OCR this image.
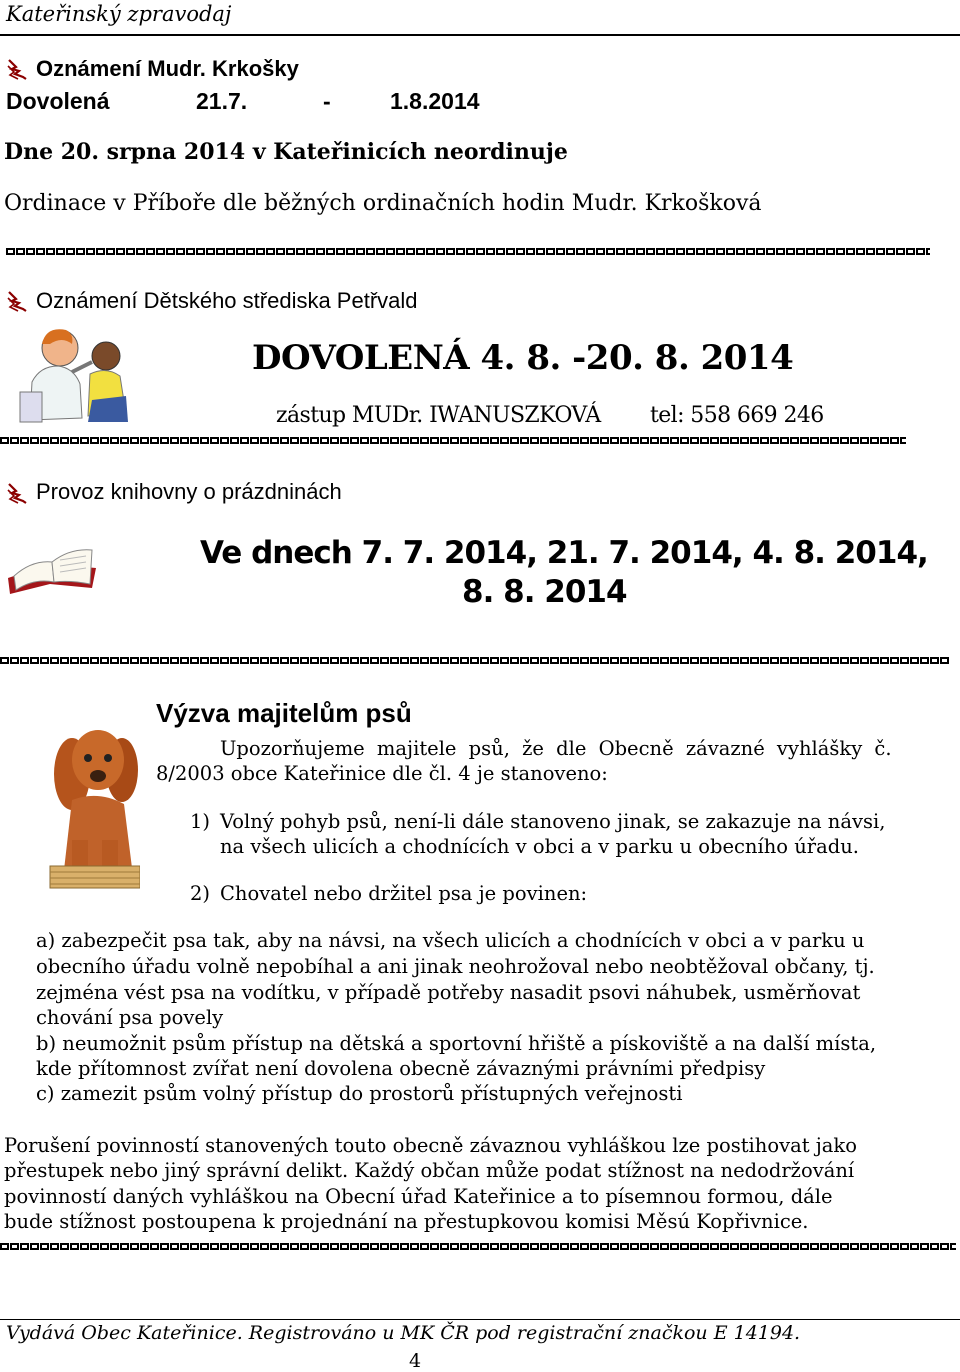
Kateřinský zpravodaj
Oznámení Mudr. Krkošky
Dovolená	21.7.	-	1.8.2014
Dne 20. srpna 2014 v Kateřinicích neordinuje
Ordinace v Příboře dle běžných ordinačních hodin Mudr. Krkošková
Oznámení Dětského střediska Petřvald
DOVOLENÁ 4. 8. -20. 8. 2014
zástup MUDr. IWANUSZKOVÁ tel: 558 669 246
Provoz knihovny o prázdninách
Ve dnech 7. 7. 2014, 21. 7. 2014, 4. 8. 2014,
8. 8. 2014
Výzva majitelům psů
Upozorňujeme majitele psů, že dle Obecně závazné vyhlášky č.
8/2003 obce Kateřinice dle čl. 4 je stanoveno:
1) Volný pohyb psů, není-li dále stanoveno jinak, se zakazuje na návsi,
na všech ulicích a chodnících v obci a v parku u obecního úřadu.
2) Chovatel nebo držitel psa je povinen:
a) zabezpečit psa tak, aby na návsi, na všech ulicích a chodnících v obci a v parku u
obecního úřadu volně nepobíhal a ani jinak neohrožoval nebo neobtěžoval občany, tj.
zejména vést psa na vodítku, v případě potřeby nasadit psovi náhubek, usměrňovat
chování psa povely
b) neumožnit psům přístup na dětská a sportovní hřiště a pískoviště a na další místa,
kde přítomnost zvířat není dovolena obecně závaznými právními předpisy
c) zamezit psům volný přístup do prostorů přístupných veřejnosti
Porušení povinností stanovených touto obecně závaznou vyhláškou lze postihovat jako
přestupek nebo jiný správní delikt. Každý občan může podat stížnost na nedodržování
povinností daných vyhláškou na Obecní úřad Kateřinice a to písemnou formou, dále
bude stížnost postoupena k projednání na přestupkovou komisi Měsú Kopřivnice.
Vydává Obec Kateřinice. Registrováno u MK ČR pod registrační značkou E 14194.
4
